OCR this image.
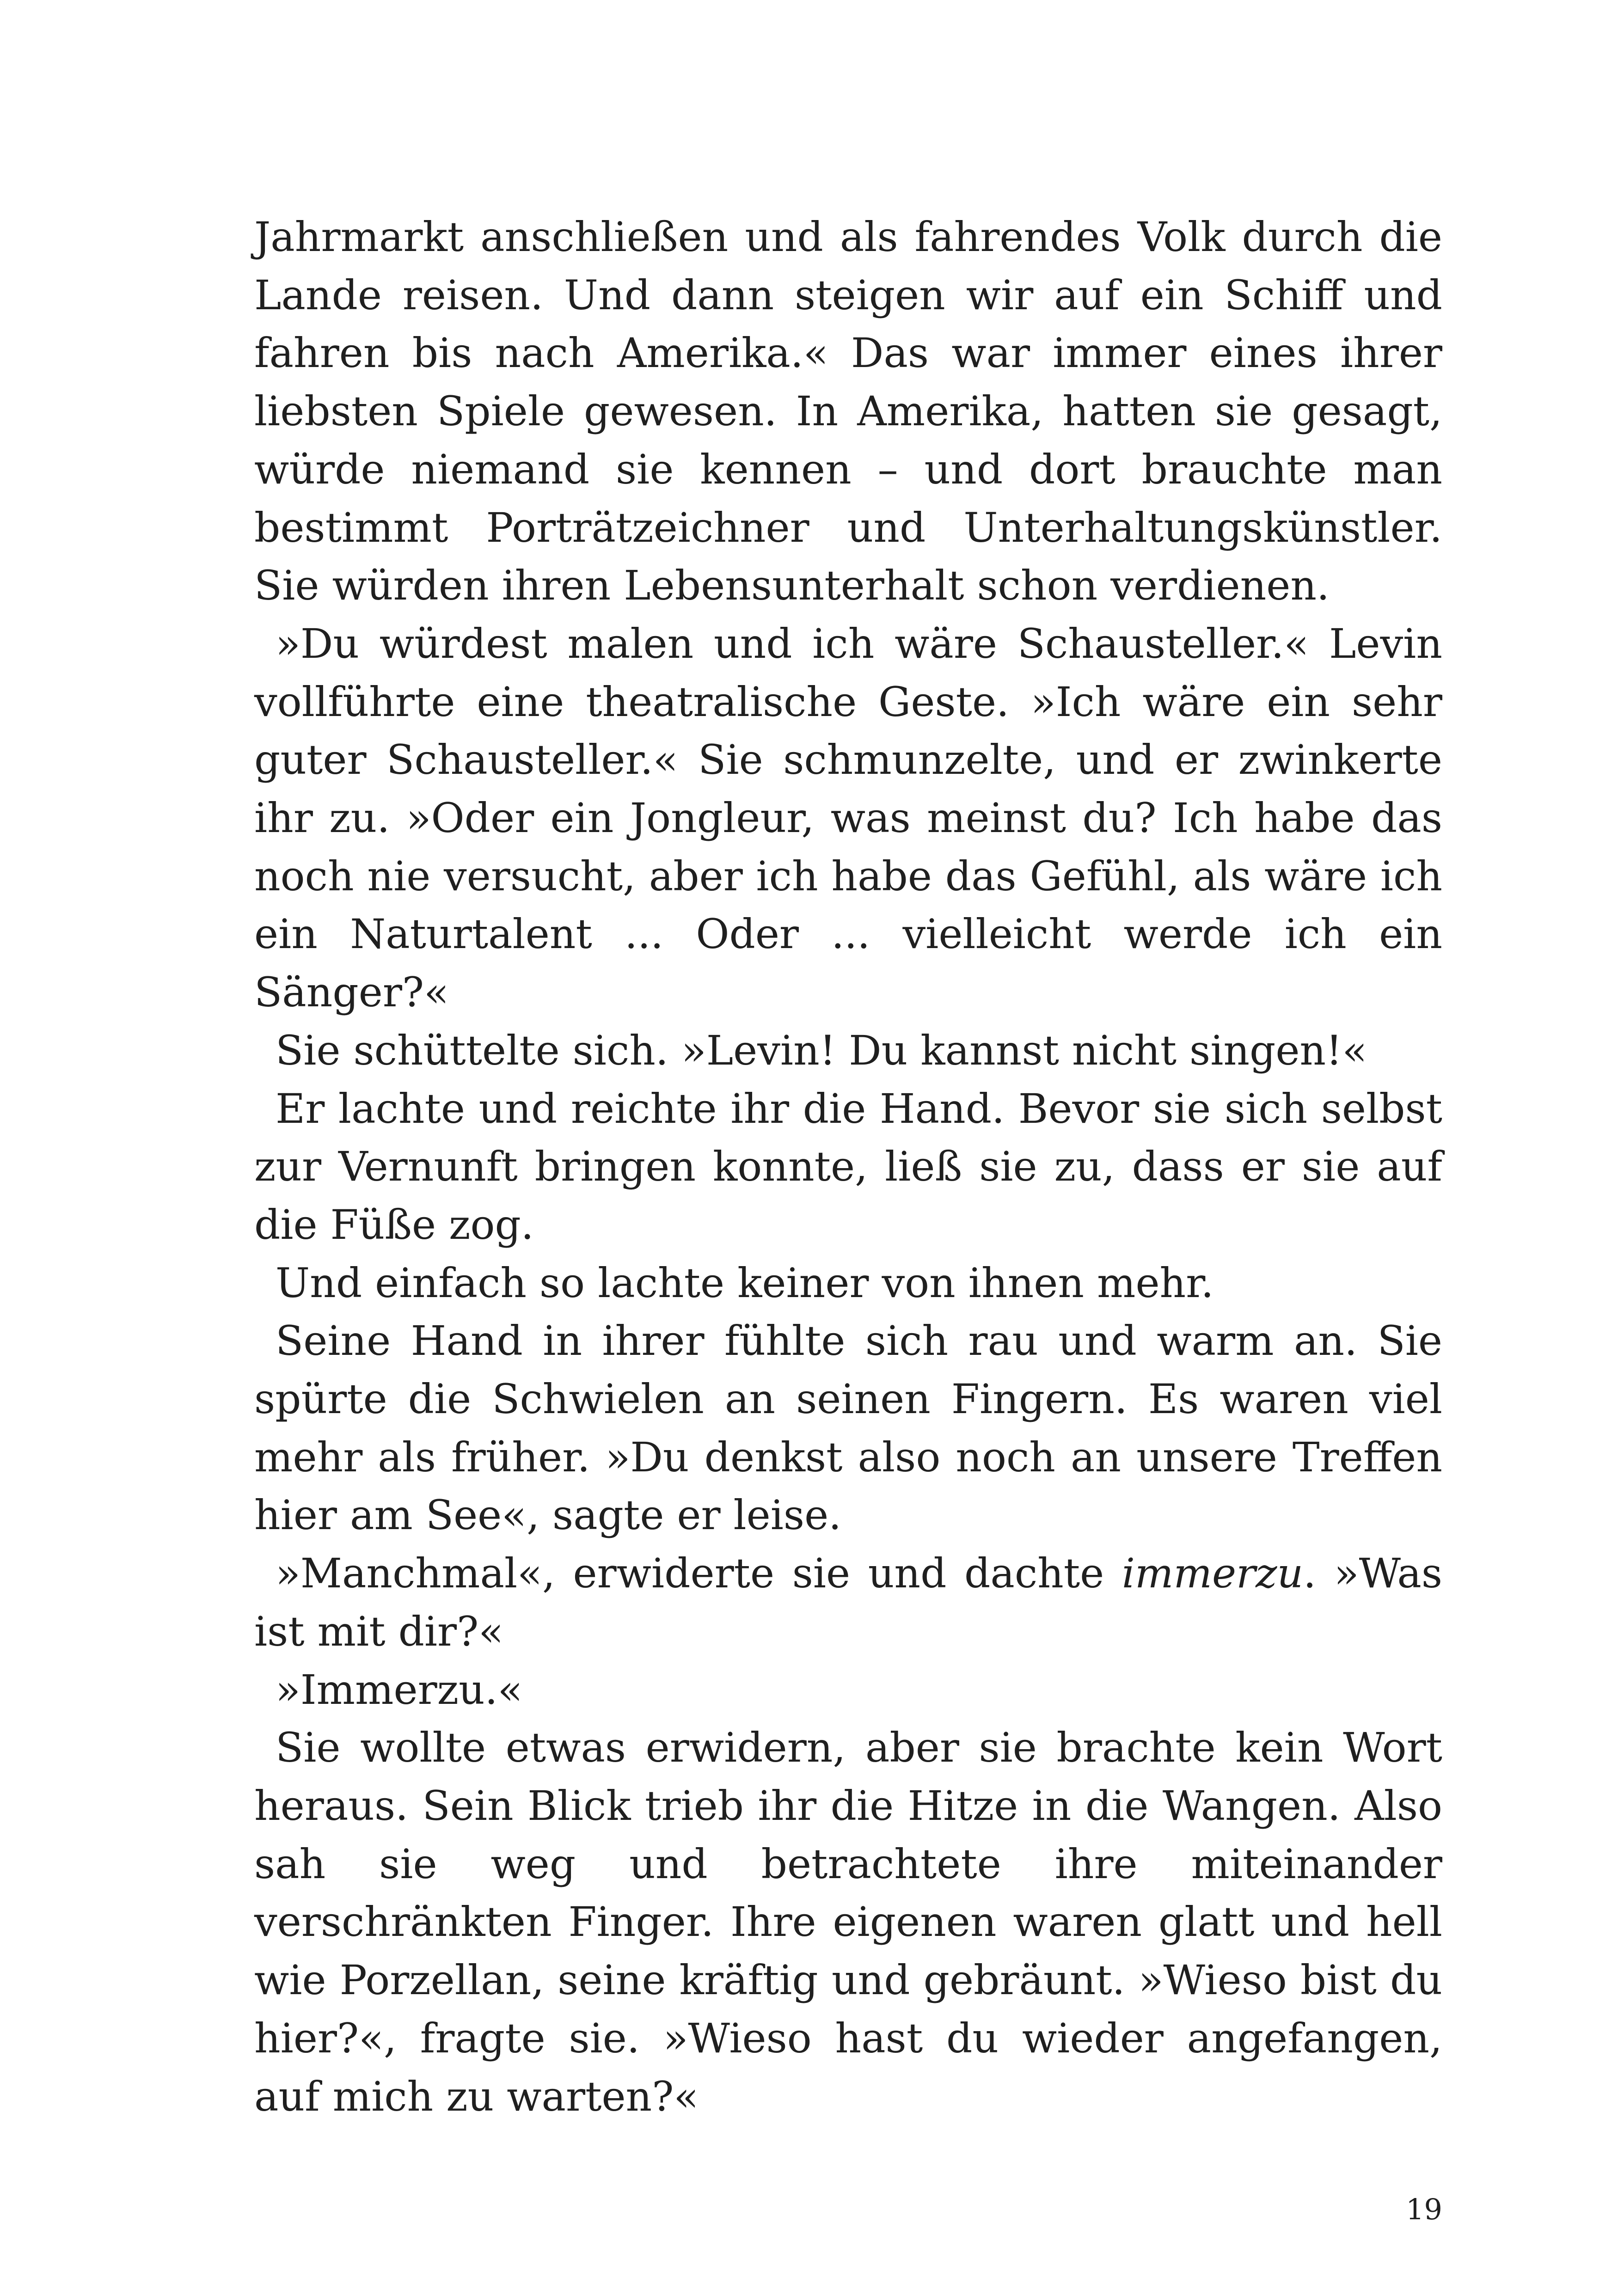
Jahrmarkt anschließen und als fahrendes Volk durch die Lande reisen. Und dann steigen wir auf ein Schiff und fahren bis nach Amerika.« Das war immer eines ihrer liebsten Spiele gewesen. In Amerika, hatten sie gesagt, würde niemand sie kennen – und dort brauchte man bestimmt Porträtzeichner und Unterhaltungskünstler. Sie würden ihren Lebensunterhalt schon verdienen.

»Du würdest malen und ich wäre Schausteller.« Levin vollführte eine theatralische Geste. »Ich wäre ein sehr guter Schausteller.« Sie schmunzelte, und er zwinkerte ihr zu. »Oder ein Jongleur, was meinst du? Ich habe das noch nie versucht, aber ich habe das Gefühl, als wäre ich ein Naturtalent ... Oder ... vielleicht werde ich ein Sänger?«

Sie schüttelte sich. »Levin! Du kannst nicht singen!«

Er lachte und reichte ihr die Hand. Bevor sie sich selbst zur Vernunft bringen konnte, ließ sie zu, dass er sie auf die Füße zog.

Und einfach so lachte keiner von ihnen mehr.

Seine Hand in ihrer fühlte sich rau und warm an. Sie spürte die Schwielen an seinen Fingern. Es waren viel mehr als früher. »Du denkst also noch an unsere Treffen hier am See«, sagte er leise.

»Manchmal«, erwiderte sie und dachte immerzu. »Was ist mit dir?«

»Immerzu.«

Sie wollte etwas erwidern, aber sie brachte kein Wort heraus. Sein Blick trieb ihr die Hitze in die Wangen. Also sah sie weg und betrachtete ihre miteinander verschränkten Finger. Ihre eigenen waren glatt und hell wie Porzellan, seine kräftig und gebräunt. »Wieso bist du hier?«, fragte sie. »Wieso hast du wieder angefangen, auf mich zu warten?«

19
